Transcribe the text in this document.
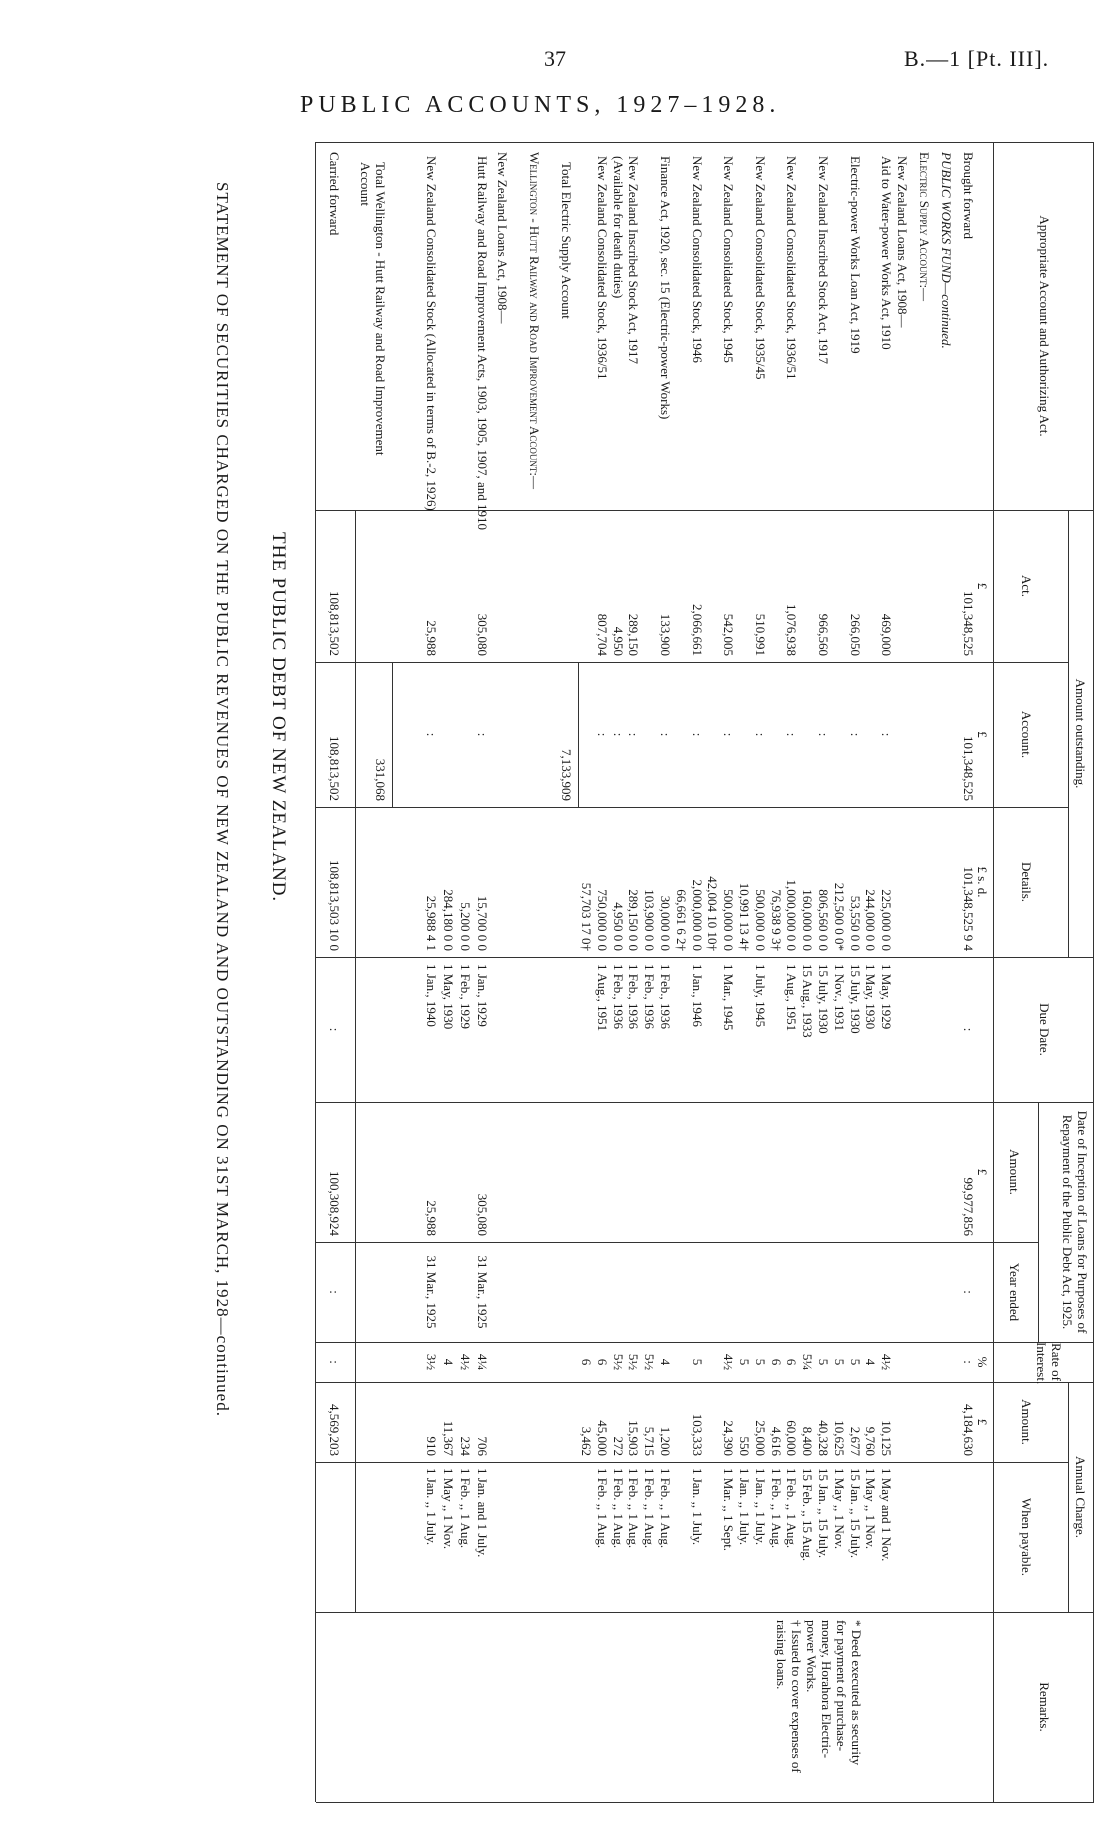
37	B.—1 [Pt. III].
PUBLIC ACCOUNTS, 1927–1928.
THE PUBLIC DEBT OF NEW ZEALAND.
STATEMENT OF SECURITIES CHARGED ON THE PUBLIC REVENUES OF NEW ZEALAND AND OUTSTANDING ON 31ST MARCH, 1928—continued.	Appropriate Account and Authorizing Act.
Amount outstanding.
Act.
Account.
Details.
Due Date.
Date of Inception of Loans for Purposes of Repayment of the Public Debt Act, 1925.
Amount.
Year ended
Rate of Interest.
Annual Charge.
Amount.
When payable.
Remarks.
£
£
£ s. d.
£
%
£
Brought forward
101,348,525
101,348,525
101,348,525 9 4
:
99,977,856
:
:
4,184,630
PUBLIC WORKS FUND—continued.
Electric Supply Account:—
New Zealand Loans Act, 1908—
Aid to Water-power Works Act, 1910
469,000
:
225,000 0 0
1 May, 1929
4½
10,125
1 May and 1 Nov.
244,000 0 0
1 May, 1930
4
9,760
1 May ,, 1 Nov.
Electric-power Works Loan Act, 1919
266,050
:
53,550 0 0
15 July, 1930
5
2,677
15 Jan. ,, 15 July.
212,500 0 0*
1 Nov., 1931
5
10,625
1 May ,, 1 Nov.
New Zealand Inscribed Stock Act, 1917
966,560
:
806,560 0 0
15 July, 1930
5
40,328
15 Jan. ,, 15 July.
160,000 0 0
15 Aug., 1933
5¼
8,400
15 Feb. ,, 15 Aug.
New Zealand Consolidated Stock, 1936/51
1,076,938
:
1,000,000 0 0
1 Aug., 1951
6
60,000
1 Feb. ,, 1 Aug.
76,938 9 3†
6
4,616
1 Feb. ,, 1 Aug.
New Zealand Consolidated Stock, 1935/45
510,991
:
500,000 0 0
1 July, 1945
5
25,000
1 Jan. ,, 1 July.
10,991 13 4†
5
550
1 Jan. ,, 1 July.
New Zealand Consolidated Stock, 1945
542,005
:
500,000 0 0
1 Mar., 1945
4½
24,390
1 Mar. ,, 1 Sept.
42,004 10 10†
New Zealand Consolidated Stock, 1946
2,066,661
:
2,000,000 0 0
1 Jan., 1946
5
103,333
1 Jan. ,, 1 July.
66,661 6 2†
Finance Act, 1920, sec. 15 (Electric-power Works)
133,900
:
30,000 0 0
1 Feb., 1936
4
1,200
1 Feb. ,, 1 Aug.
103,900 0 0
1 Feb., 1936
5½
5,715
1 Feb. ,, 1 Aug.
New Zealand Inscribed Stock Act, 1917
289,150
:
289,150 0 0
1 Feb., 1936
5½
15,903
1 Feb. ,, 1 Aug.
(Available for death duties)
4,950
:
4,950 0 0
1 Feb., 1936
5½
272
1 Feb. ,, 1 Aug.
New Zealand Consolidated Stock, 1936/51
807,704
:
750,000 0 0
1 Aug., 1951
6
45,000
1 Feb. ,, 1 Aug.
57,703 17 0†
6
3,462
Total Electric Supply Account
7,133,909
Wellington - Hutt Railway and Road Improvement Account:—
New Zealand Loans Act, 1908—
Hutt Railway and Road Improvement Acts, 1903, 1905, 1907, and 1910
305,080
:
15,700 0 0
1 Jan., 1929
305,080
31 Mar., 1925
4¼
706
1 Jan. and 1 July.
5,200 0 0
1 Feb., 1929
4½
234
1 Feb. ,, 1 Aug.
284,180 0 0
1 May, 1930
4
11,367
1 May ,, 1 Nov.
New Zealand Consolidated Stock (Allocated in terms of B.-2, 1926)
25,988
:
25,988 4 1
1 Jan., 1940
25,988
31 Mar., 1925
3½
910
1 Jan. ,, 1 July.
Total Wellington - Hutt Railway and Road Improvement Account
331,068
Carried forward
108,813,502
108,813,502
108,813,503 10 0
:
100,308,924
:
:
4,569,203
* Deed executed as security
for payment of purchase-
money, Horahora Electric-
power Works.
† Issued to cover expenses of
raising loans.
